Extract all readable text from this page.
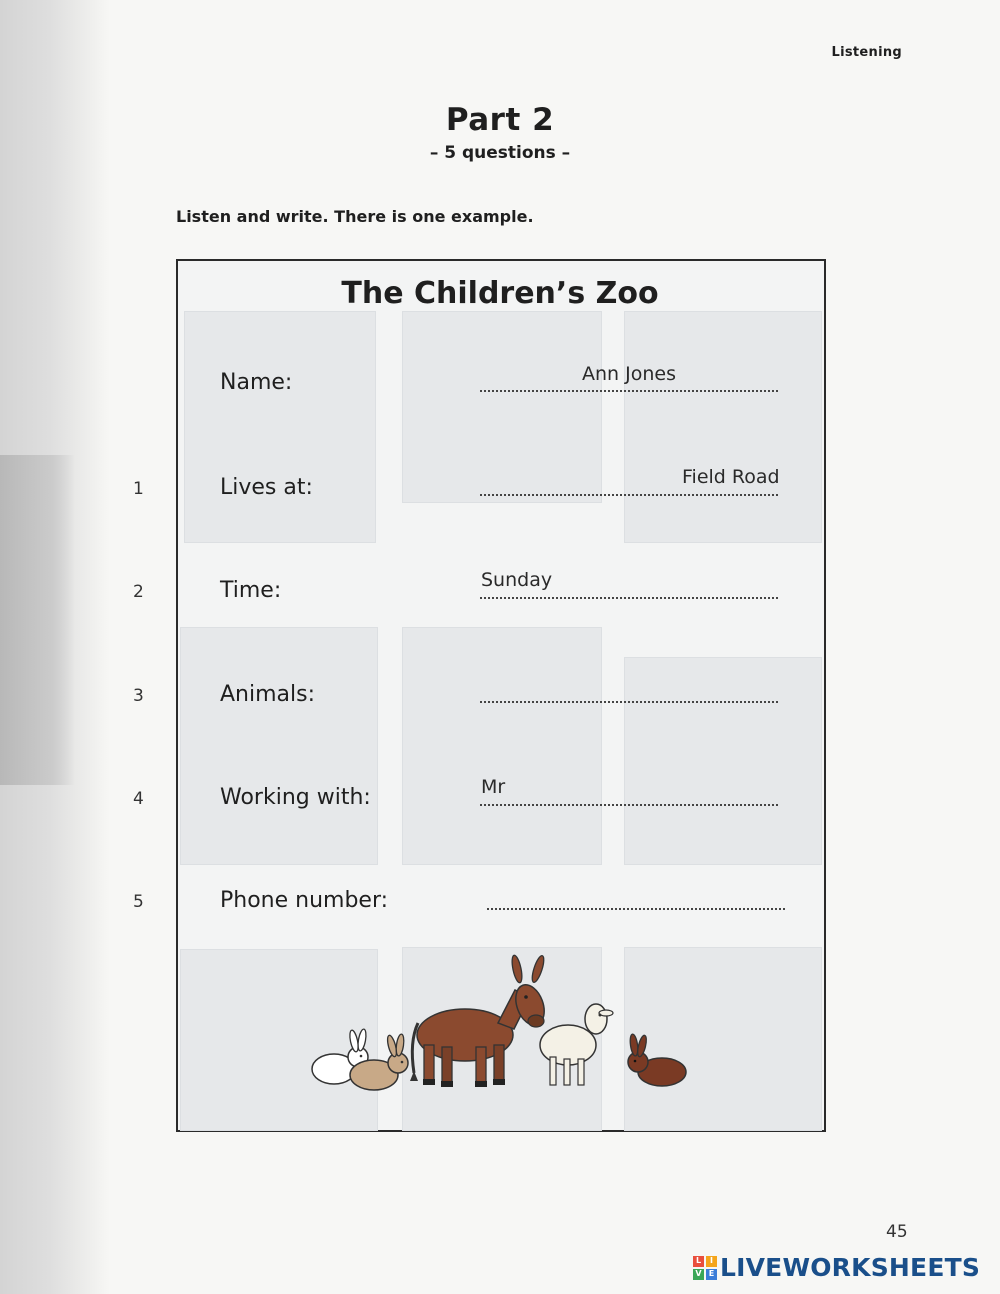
Listening
Part 2
– 5 questions –
Listen and write. There is one example.
The Children’s Zoo
Name:	Ann Jones
1	Lives at:	Field Road
2	Time:	Sunday
3	Animals:
4	Working with:	Mr
5	Phone number:
45
L	I
V E LIVEWORKSHEETS
